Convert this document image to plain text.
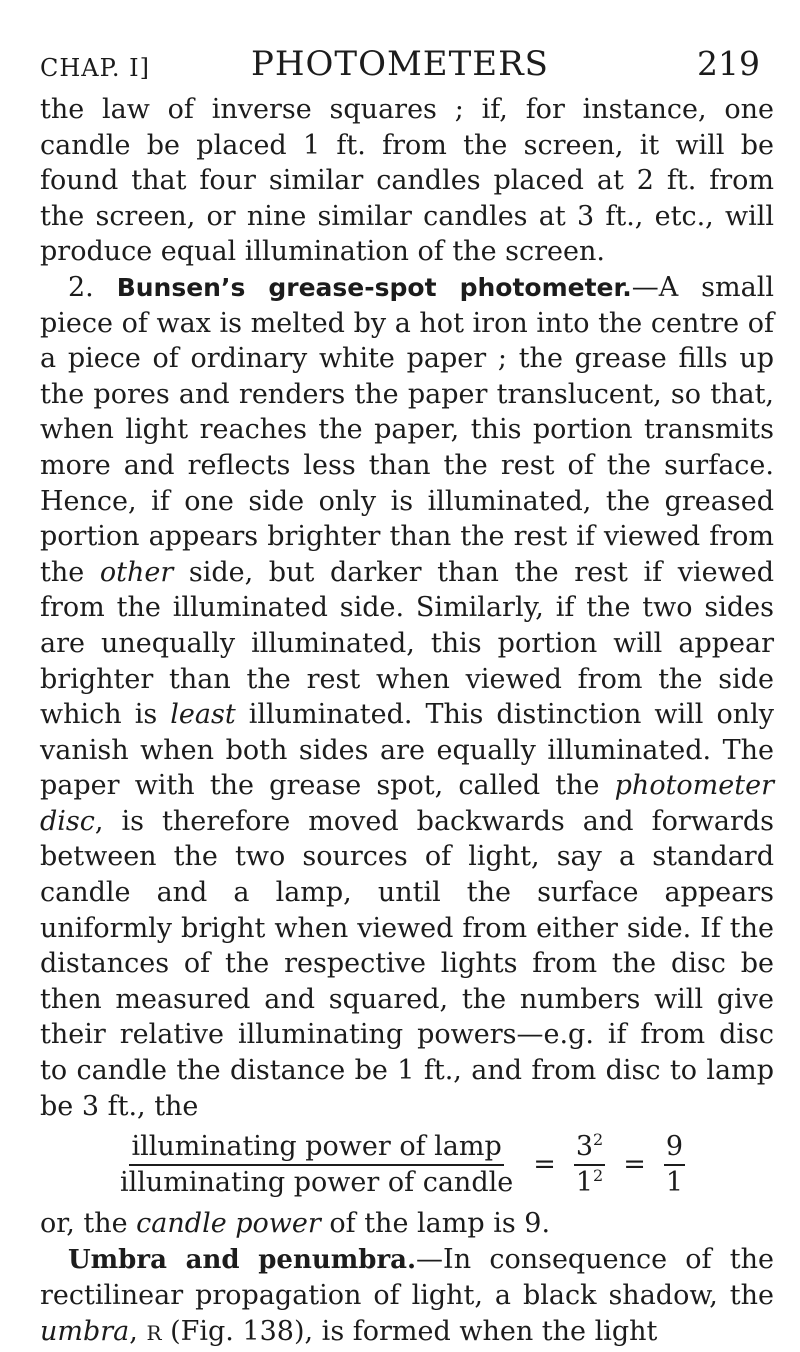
CHAP. I]	PHOTOMETERS	219

the law of inverse squares ; if, for instance, one candle be placed 1 ft. from the screen, it will be found that four similar candles placed at 2 ft. from the screen, or nine similar candles at 3 ft., etc., will produce equal illumination of the screen.

2. Bunsen’s grease-spot photometer.—A small piece of wax is melted by a hot iron into the centre of a piece of ordinary white paper ; the grease fills up the pores and renders the paper translucent, so that, when light reaches the paper, this portion transmits more and reflects less than the rest of the surface. Hence, if one side only is illuminated, the greased portion appears brighter than the rest if viewed from the other side, but darker than the rest if viewed from the illuminated side. Similarly, if the two sides are unequally illuminated, this portion will appear brighter than the rest when viewed from the side which is least illuminated. This distinction will only vanish when both sides are equally illuminated. The paper with the grease spot, called the photometer disc, is therefore moved backwards and forwards between the two sources of light, say a standard candle and a lamp, until the surface appears uniformly bright when viewed from either side. If the distances of the respective lights from the disc be then measured and squared, the numbers will give their relative illuminating powers—e.g. if from disc to candle the distance be 1 ft., and from disc to lamp be 3 ft., the

$\frac{\text{illuminating power of lamp}}{\text{illuminating power of candle}} = \frac{3^2}{1^2} = \frac{9}{1}$

or, the candle power of the lamp is 9.

Umbra and penumbra.—In consequence of the rectilinear propagation of light, a black shadow, the umbra, R (Fig. 138), is formed when the light
